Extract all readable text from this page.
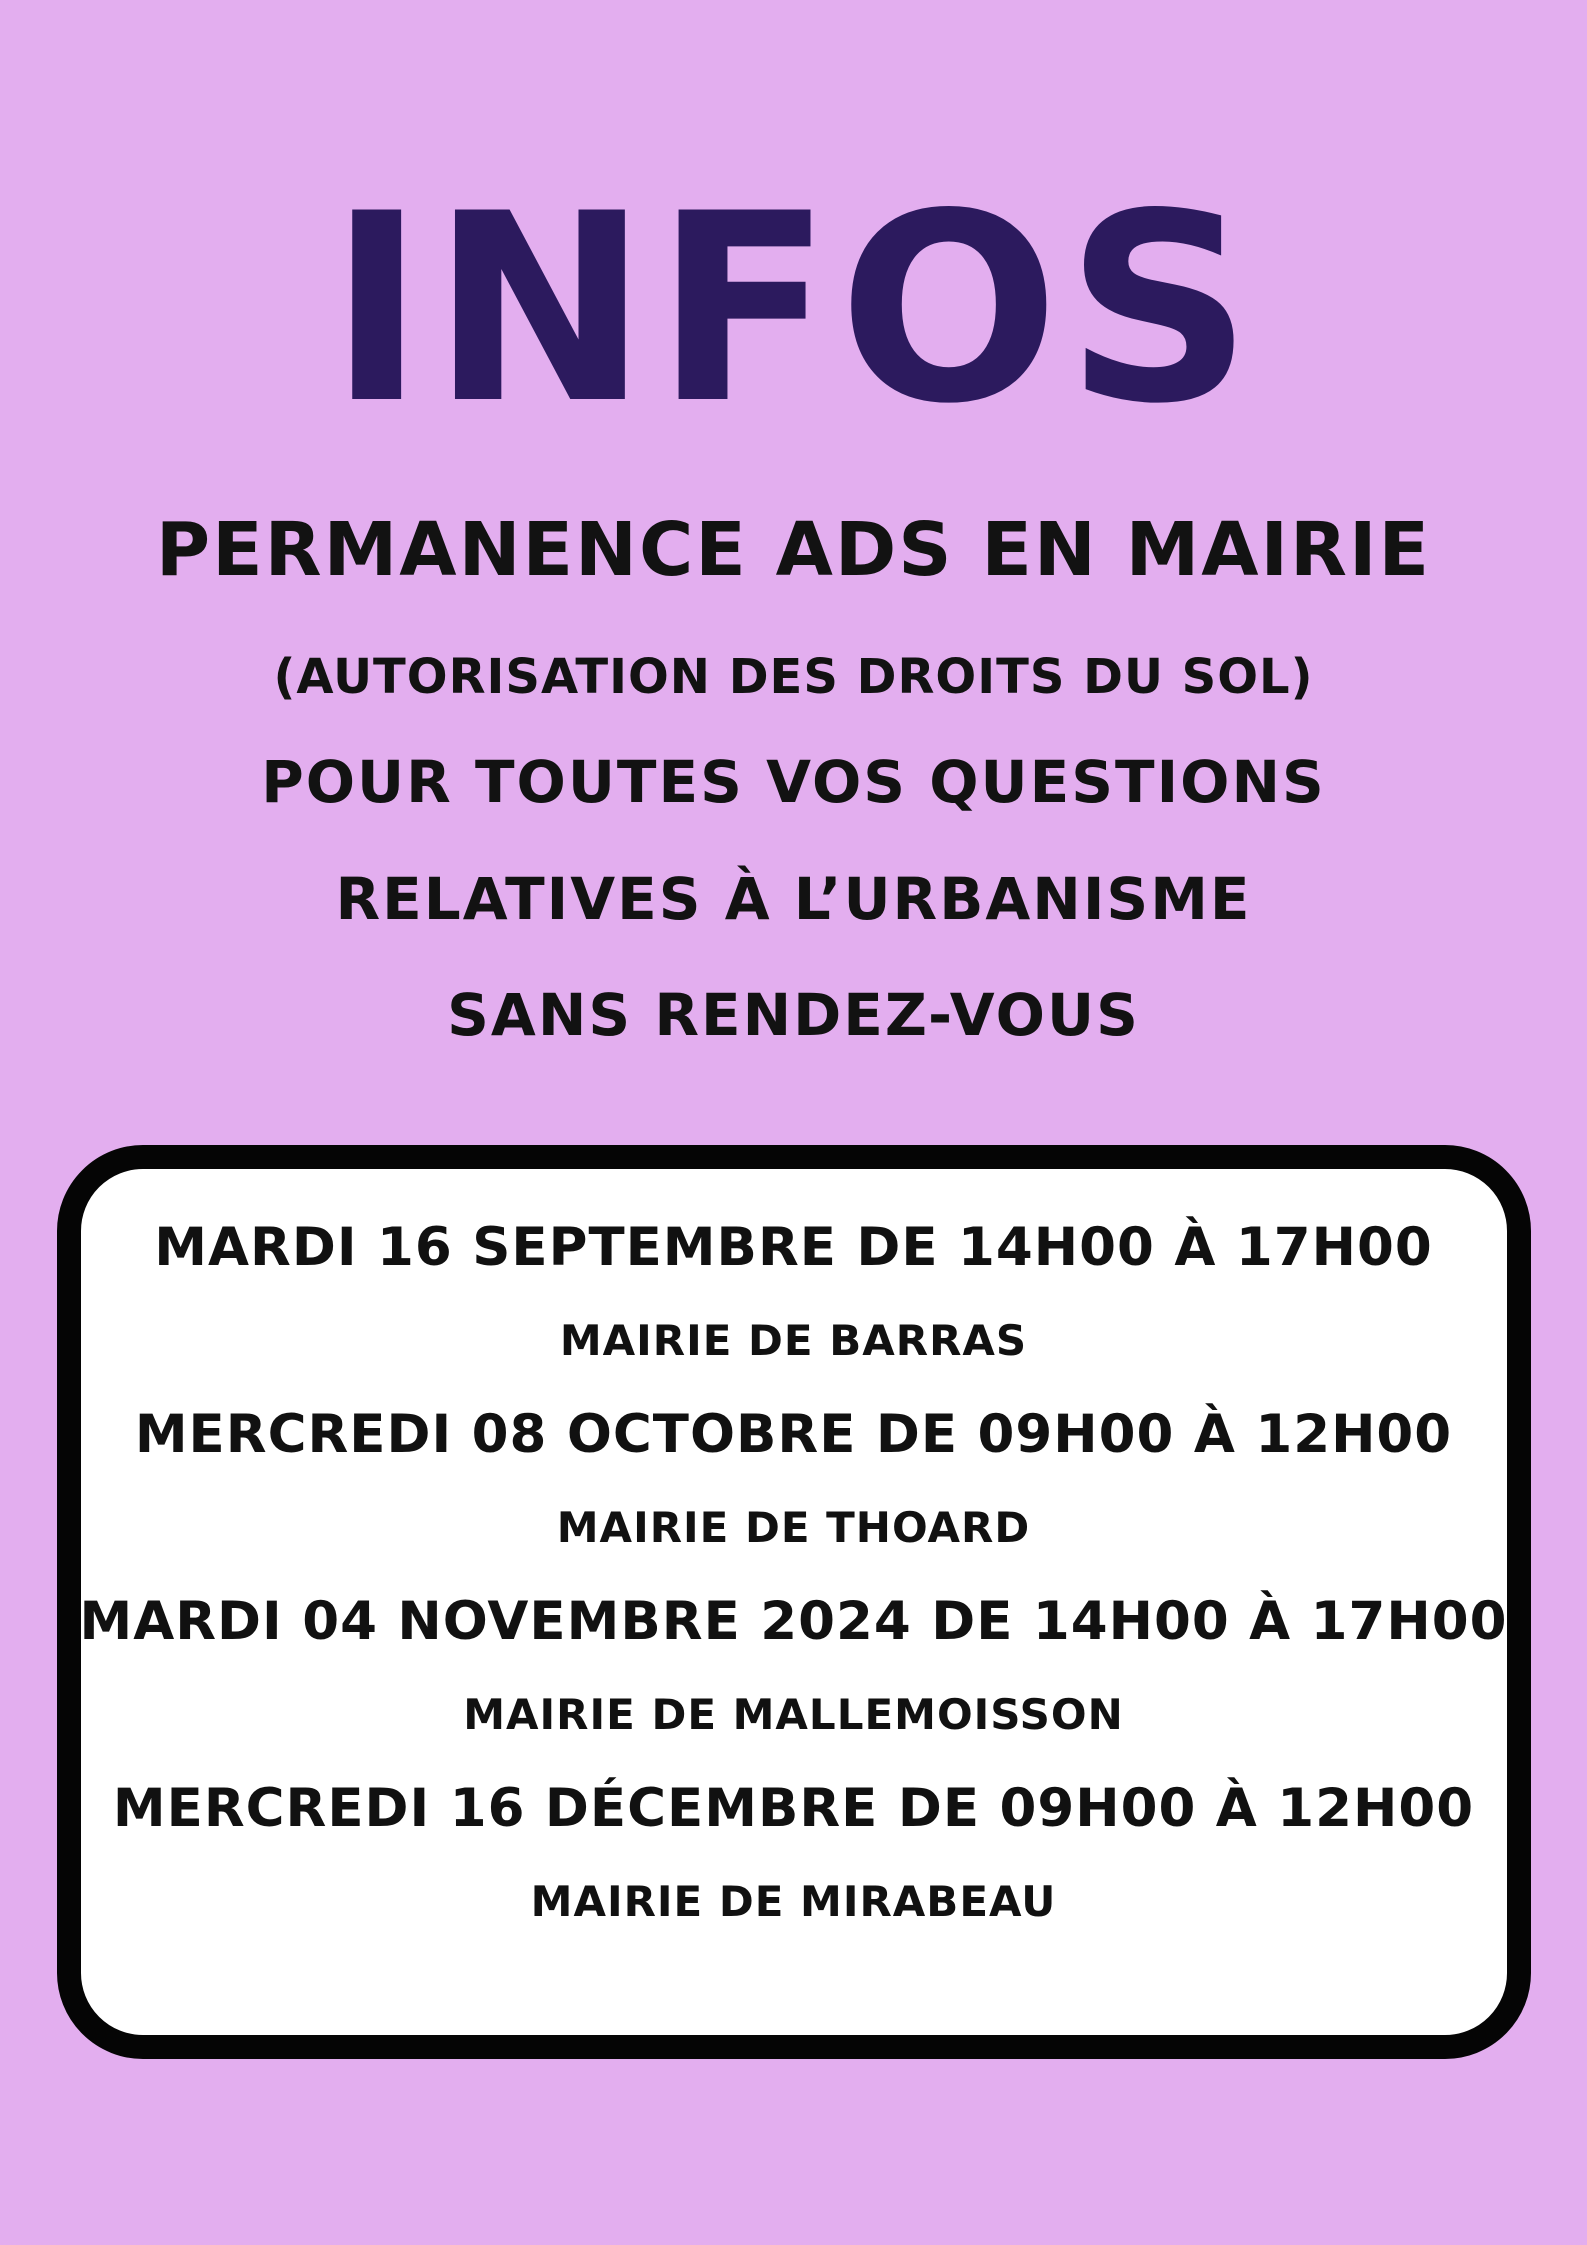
INFOS
PERMANENCE ADS EN MAIRIE
(AUTORISATION DES DROITS DU SOL)
POUR TOUTES VOS QUESTIONS
RELATIVES À L’URBANISME
SANS RENDEZ-VOUS
MARDI 16 SEPTEMBRE DE 14H00 À 17H00
MAIRIE DE BARRAS
MERCREDI 08 OCTOBRE DE 09H00 À 12H00
MAIRIE DE THOARD
MARDI 04 NOVEMBRE 2024 DE 14H00 À 17H00
MAIRIE DE MALLEMOISSON
MERCREDI 16 DÉCEMBRE DE 09H00 À 12H00
MAIRIE DE MIRABEAU
